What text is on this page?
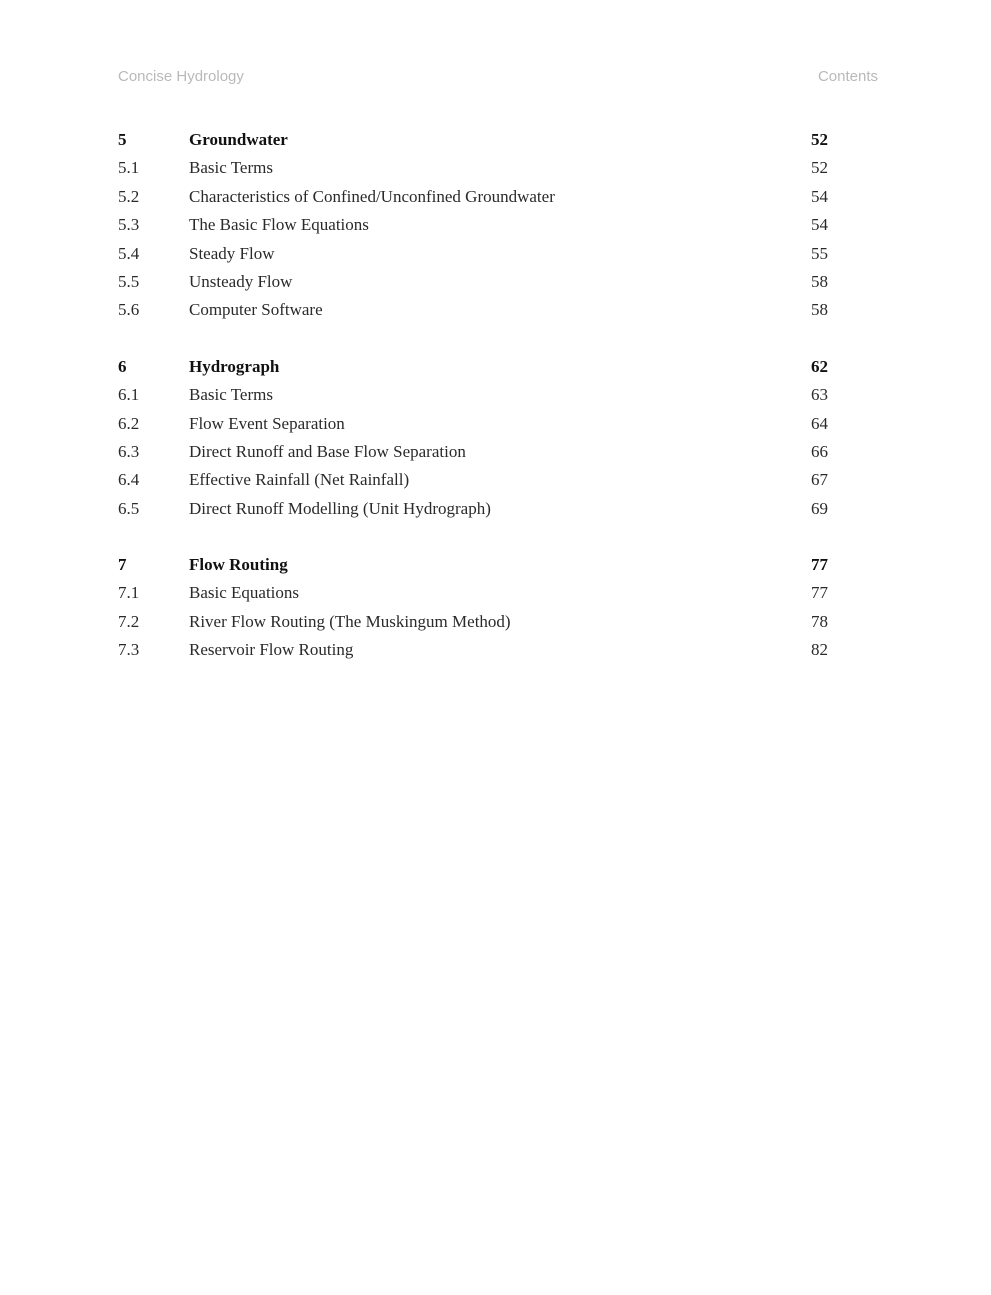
Concise Hydrology	Contents
5	Groundwater	52
5.1	Basic Terms	52
5.2	Characteristics of Confined/Unconfined Groundwater	54
5.3	The Basic Flow Equations	54
5.4	Steady Flow	55
5.5	Unsteady Flow	58
5.6	Computer Software	58
6	Hydrograph	62
6.1	Basic Terms	63
6.2	Flow Event Separation	64
6.3	Direct Runoff and Base Flow Separation	66
6.4	Effective Rainfall (Net Rainfall)	67
6.5	Direct Runoff Modelling (Unit Hydrograph)	69
7	Flow Routing	77
7.1	Basic Equations	77
7.2	River Flow Routing (The Muskingum Method)	78
7.3	Reservoir Flow Routing	82
